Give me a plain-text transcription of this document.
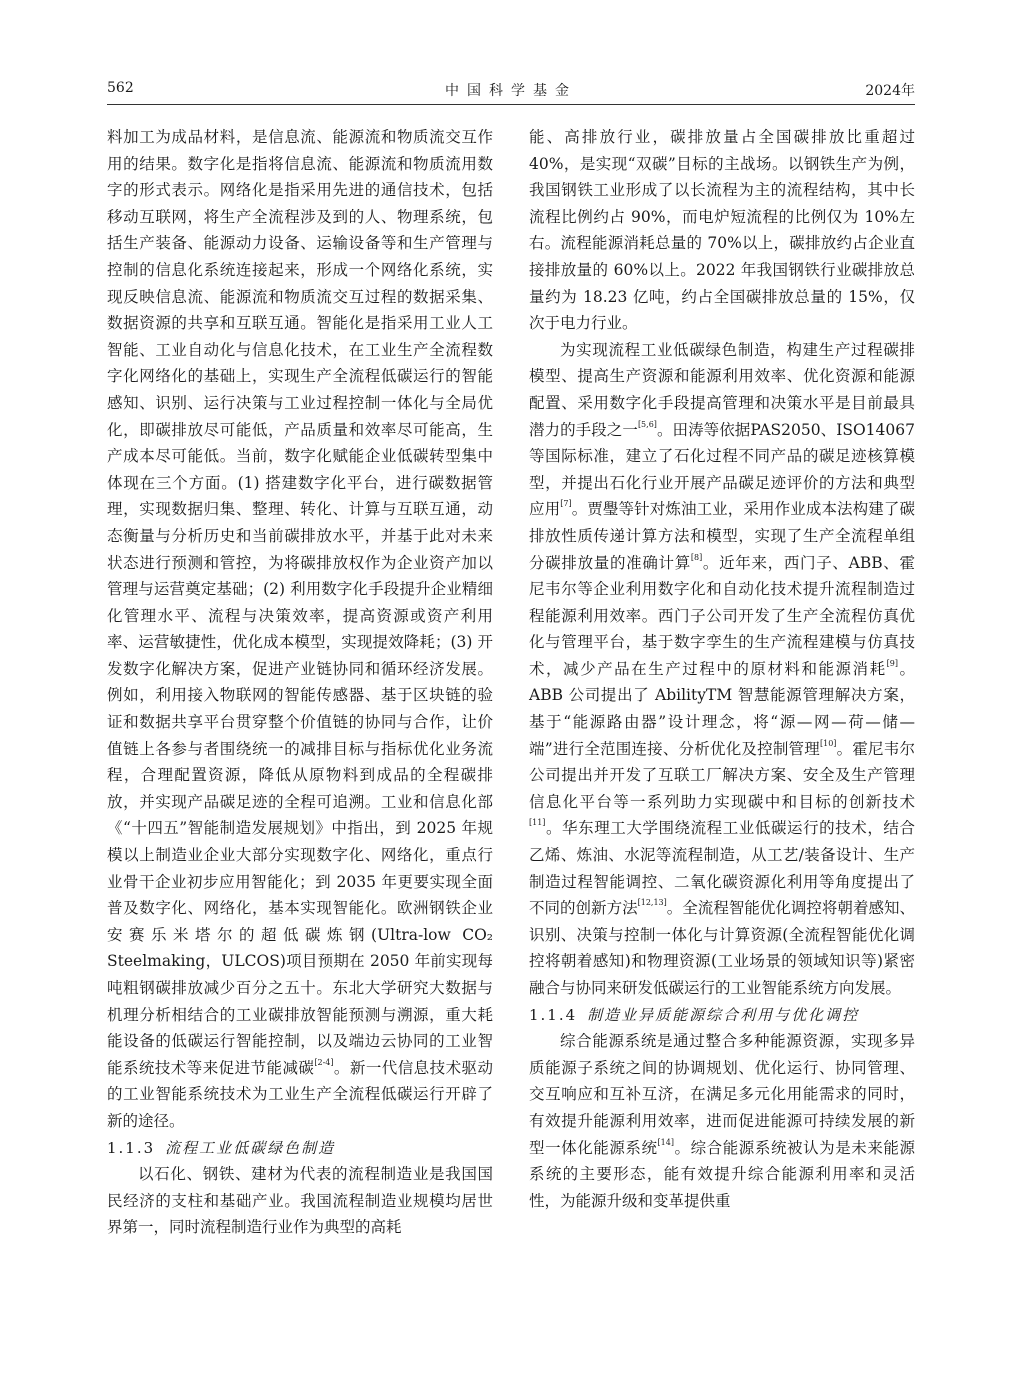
562	中国科学基金	2024年

料加工为成品材料，是信息流、能源流和物质流交互作用的结果。数字化是指将信息流、能源流和物质流用数字的形式表示。网络化是指采用先进的通信技术，包括移动互联网，将生产全流程涉及到的人、物理系统，包括生产装备、能源动力设备、运输设备等和生产管理与控制的信息化系统连接起来，形成一个网络化系统，实现反映信息流、能源流和物质流交互过程的数据采集、数据资源的共享和互联互通。智能化是指采用工业人工智能、工业自动化与信息化技术，在工业生产全流程数字化网络化的基础上，实现生产全流程低碳运行的智能感知、识别、运行决策与工业过程控制一体化与全局优化，即碳排放尽可能低，产品质量和效率尽可能高，生产成本尽可能低。当前，数字化赋能企业低碳转型集中体现在三个方面。(1) 搭建数字化平台，进行碳数据管理，实现数据归集、整理、转化、计算与互联互通，动态衡量与分析历史和当前碳排放水平，并基于此对未来状态进行预测和管控，为将碳排放权作为企业资产加以管理与运营奠定基础；(2) 利用数字化手段提升企业精细化管理水平、流程与决策效率，提高资源或资产利用率、运营敏捷性，优化成本模型，实现提效降耗；(3) 开发数字化解决方案，促进产业链协同和循环经济发展。例如，利用接入物联网的智能传感器、基于区块链的验证和数据共享平台贯穿整个价值链的协同与合作，让价值链上各参与者围绕统一的减排目标与指标优化业务流程，合理配置资源，降低从原物料到成品的全程碳排放，并实现产品碳足迹的全程可追溯。工业和信息化部《“十四五”智能制造发展规划》中指出，到 2025 年规模以上制造业企业大部分实现数字化、网络化，重点行业骨干企业初步应用智能化；到 2035 年更要实现全面普及数字化、网络化，基本实现智能化。欧洲钢铁企业安赛乐米塔尔的超低碳炼钢(Ultra-low CO₂ Steelmaking，ULCOS)项目预期在 2050 年前实现每吨粗钢碳排放减少百分之五十。东北大学研究大数据与机理分析相结合的工业碳排放智能预测与溯源，重大耗能设备的低碳运行智能控制，以及端边云协同的工业智能系统技术等来促进节能减碳[2-4]。新一代信息技术驱动的工业智能系统技术为工业生产全流程低碳运行开辟了新的途径。

1.1.3 流程工业低碳绿色制造

以石化、钢铁、建材为代表的流程制造业是我国国民经济的支柱和基础产业。我国流程制造业规模均居世界第一，同时流程制造行业作为典型的高耗

能、高排放行业，碳排放量占全国碳排放比重超过 40%，是实现“双碳”目标的主战场。以钢铁生产为例，我国钢铁工业形成了以长流程为主的流程结构，其中长流程比例约占 90%，而电炉短流程的比例仅为 10%左右。流程能源消耗总量的 70%以上，碳排放约占企业直接排放量的 60%以上。2022 年我国钢铁行业碳排放总量约为 18.23 亿吨，约占全国碳排放总量的 15%，仅次于电力行业。

为实现流程工业低碳绿色制造，构建生产过程碳排模型、提高生产资源和能源利用效率、优化资源和能源配置、采用数字化手段提高管理和决策水平是目前最具潜力的手段之一[5,6]。田涛等依据PAS2050、ISO14067 等国际标准，建立了石化过程不同产品的碳足迹核算模型，并提出石化行业开展产品碳足迹评价的方法和典型应用[7]。贾璺等针对炼油工业，采用作业成本法构建了碳排放性质传递计算方法和模型，实现了生产全流程单组分碳排放量的准确计算[8]。近年来，西门子、ABB、霍尼韦尔等企业利用数字化和自动化技术提升流程制造过程能源利用效率。西门子公司开发了生产全流程仿真优化与管理平台，基于数字孪生的生产流程建模与仿真技术，减少产品在生产过程中的原材料和能源消耗[9]。ABB 公司提出了 AbilityTM 智慧能源管理解决方案，基于“能源路由器”设计理念，将“源—网—荷—储—端”进行全范围连接、分析优化及控制管理[10]。霍尼韦尔公司提出并开发了互联工厂解决方案、安全及生产管理信息化平台等一系列助力实现碳中和目标的创新技术[11]。华东理工大学围绕流程工业低碳运行的技术，结合乙烯、炼油、水泥等流程制造，从工艺/装备设计、生产制造过程智能调控、二氧化碳资源化利用等角度提出了不同的创新方法[12,13]。全流程智能优化调控将朝着感知、识别、决策与控制一体化与计算资源(全流程智能优化调控将朝着感知)和物理资源(工业场景的领域知识等)紧密融合与协同来研发低碳运行的工业智能系统方向发展。

1.1.4 制造业异质能源综合利用与优化调控

综合能源系统是通过整合多种能源资源，实现多异质能源子系统之间的协调规划、优化运行、协同管理、交互响应和互补互济，在满足多元化用能需求的同时，有效提升能源利用效率，进而促进能源可持续发展的新型一体化能源系统[14]。综合能源系统被认为是未来能源系统的主要形态，能有效提升综合能源利用率和灵活性，为能源升级和变革提供重
